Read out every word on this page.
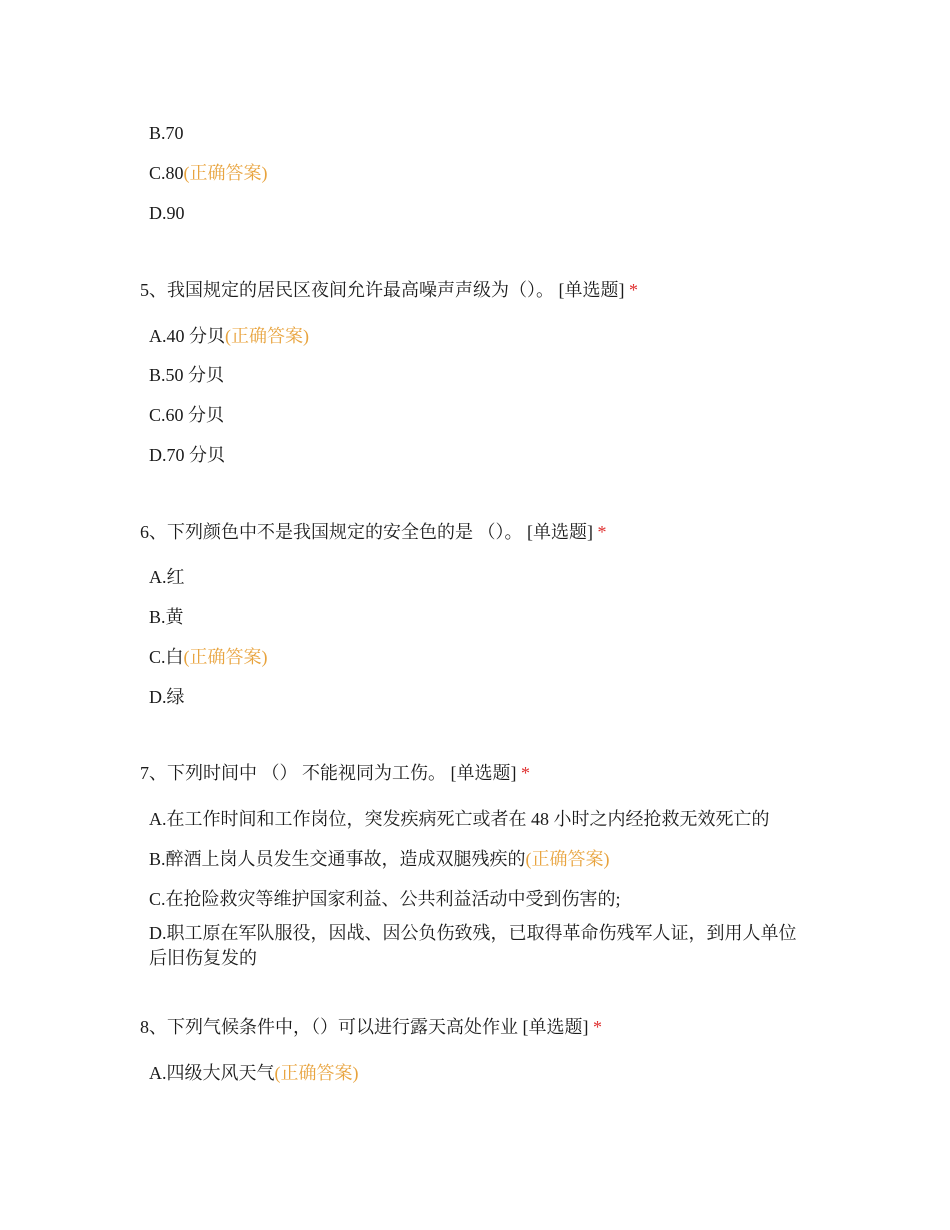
B.70
C.80(正确答案)
D.90
5、我国规定的居民区夜间允许最高噪声声级为（）。 [单选题] *
A.40 分贝(正确答案)
B.50 分贝
C.60 分贝
D.70 分贝
6、下列颜色中不是我国规定的安全色的是 （）。 [单选题] *
A.红
B.黄
C.白(正确答案)
D.绿
7、下列时间中 （） 不能视同为工伤。 [单选题] *
A.在工作时间和工作岗位，突发疾病死亡或者在 48 小时之内经抢救无效死亡的
B.醉酒上岗人员发生交通事故，造成双腿残疾的(正确答案)
C.在抢险救灾等维护国家利益、公共利益活动中受到伤害的;
D.职工原在军队服役，因战、因公负伤致残，已取得革命伤残军人证，到用人单位后旧伤复发的
8、下列气候条件中，（）可以进行露天高处作业 [单选题] *
A.四级大风天气(正确答案)
